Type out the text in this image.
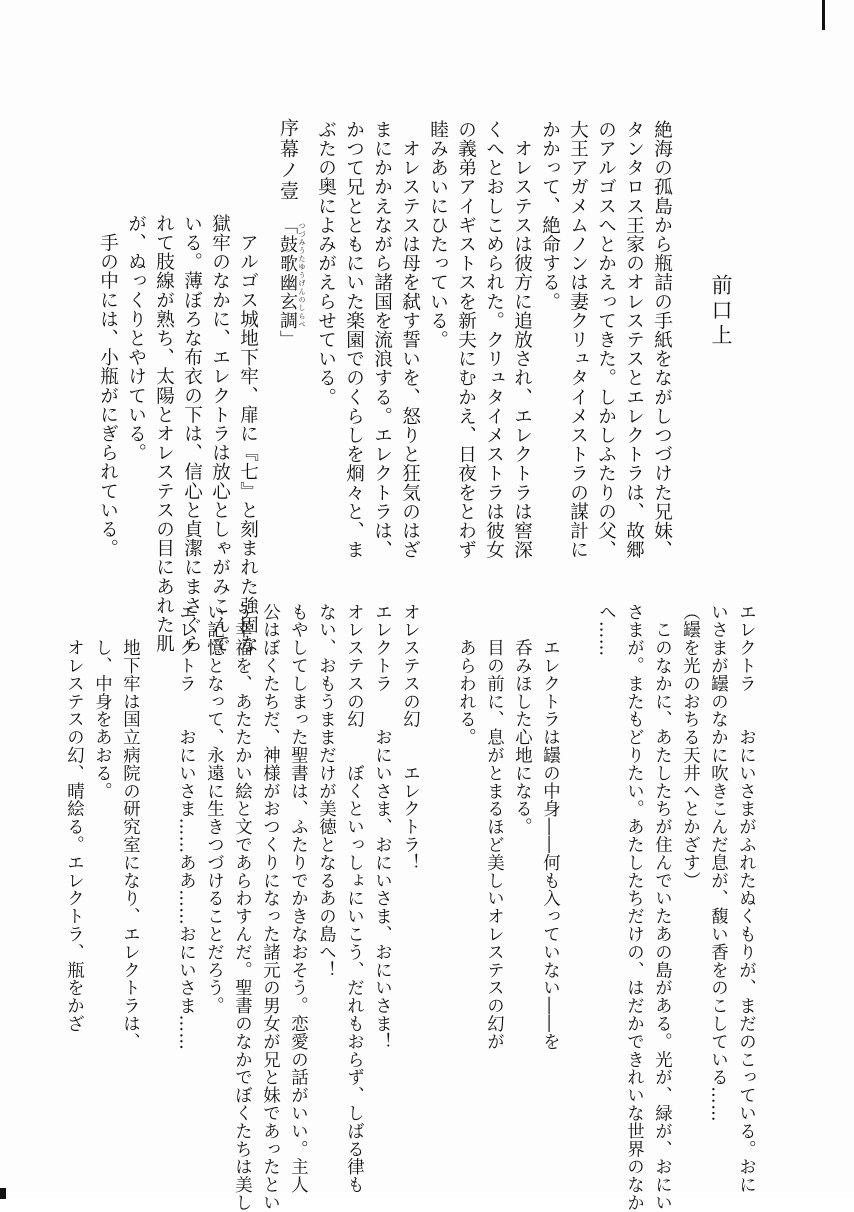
前口上
絶海の孤島から瓶詰の手紙をながしつづけた兄妹、
タンタロス王家のオレステスとエレクトラは、故郷
のアルゴスへとかえってきた。しかしふたりの父、
大王アガメムノンは妻クリュタイメストラの謀計に
かかって、絶命する。
　オレステスは彼方に追放され、エレクトラは窖深
くへとおしこめられた。クリュタイメストラは彼女
の義弟アイギストスを新夫にむかえ、日夜をとわず
睦みあいにひたっている。
　オレステスは母を弑す誓いを、怒りと狂気のはざ
まにかかえながら諸国を流浪する。エレクトラは、
かつて兄とともにいた楽園でのくらしを烱々と、ま
ぶたの奥によみがえらせている。
序幕ノ壹
つづみうたゆうげんのしらべ
「鼓歌幽玄調」
　アルゴス城地下牢、扉に『七』と刻まれた強固な
獄牢のなかに、エレクトラは放心としゃがみこんで
いる。薄ぼろな布衣の下は、信心と貞潔にまさぐら
れて肢線が熟ち、太陽とオレステスの目にあれた肌
が、ぬっくりとやけている。
　手の中には、小瓶がにぎられている。
エレクトラ　　おにいさまがふれたぬくもりが、まだのこっている。おに
いさまが罎のなかに吹きこんだ息が、馥い香をのこしている……
（罎を光のおちる天井へとかざす）
　このなかに、あたしたちが住んでいたあの島がある。光が、緑が、おにい
さまが。またもどりたい。あたしたちだけの、はだかできれいな世界のなか
へ……
　　エレクトラは罎の中身――何も入っていない――を
　　呑みほした心地になる。
　　目の前に、息がとまるほど美しいオレステスの幻が
　　あらわれる。
オレステスの幻　　エレクトラ！
エレクトラ　　おにいさま、おにいさま、おにいさま！
オレステスの幻　　ぼくといっしょにいこう、だれもおらず、しばる律も
ない、おもうままだけが美徳となるあの島へ！
もやしてしまった聖書は、ふたりでかきなおそう。恋愛の話がいい。主人
公はぼくたちだ、神様がおつくりになった諸元の男女が兄と妹であったとい
う幸福を、あたたかい絵と文であらわすんだ。聖書のなかでぼくたちは美し
い記憶となって、永遠に生きつづけることだろう。
エレクトラ　　おにいさま……ああ……おにいさま……
　　地下牢は国立病院の研究室になり、エレクトラは、
　　し、中身をあおる。
　　オレステスの幻、晴絵る。エレクトラ、瓶をかざ
